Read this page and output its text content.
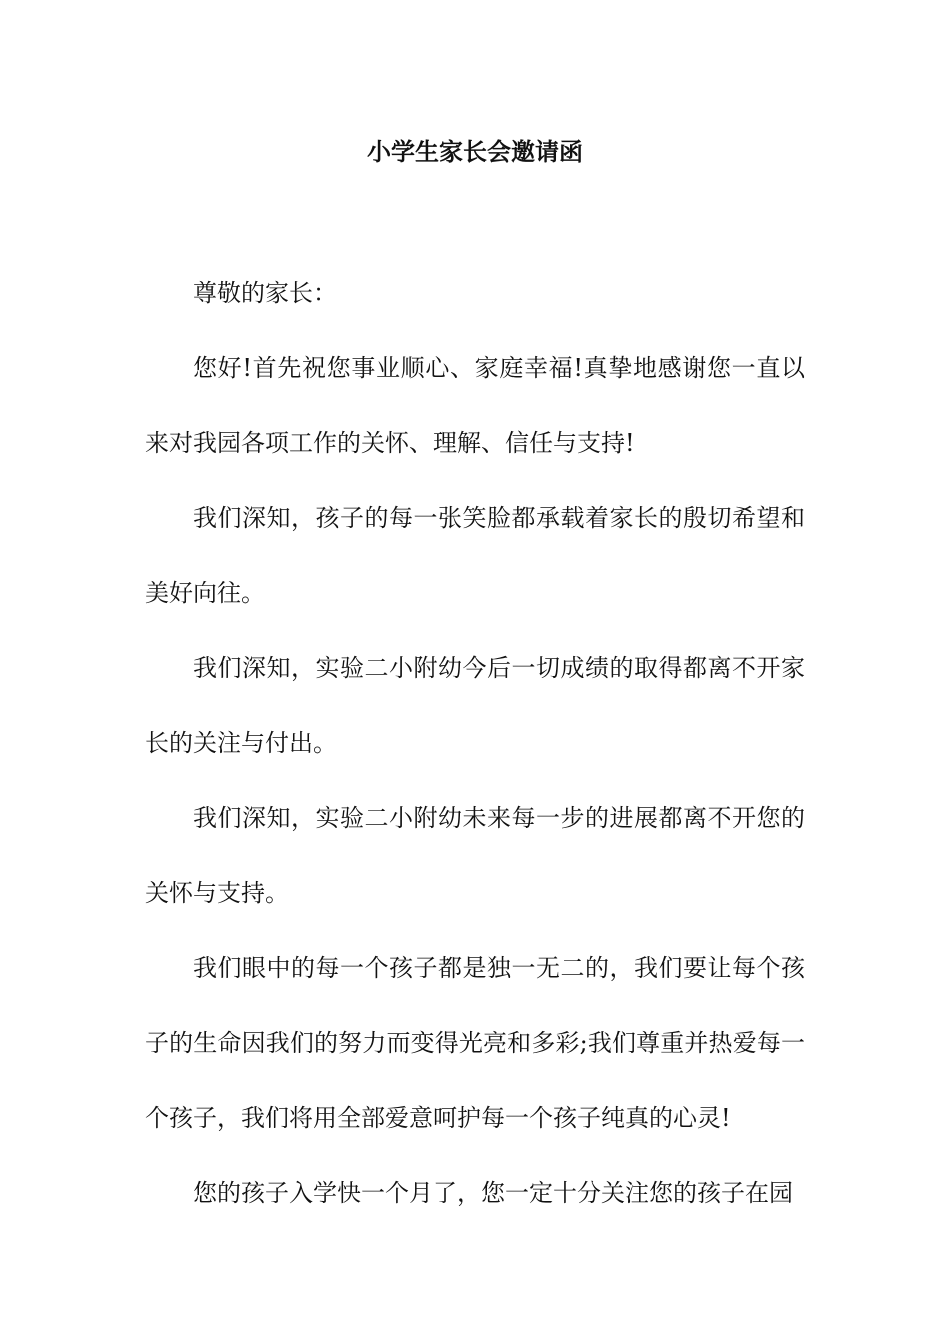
小学生家长会邀请函

尊敬的家长：

您好!首先祝您事业顺心、家庭幸福!真挚地感谢您一直以来对我园各项工作的关怀、理解、信任与支持!

我们深知，孩子的每一张笑脸都承载着家长的殷切希望和美好向往。

我们深知，实验二小附幼今后一切成绩的取得都离不开家长的关注与付出。

我们深知，实验二小附幼未来每一步的进展都离不开您的关怀与支持。

我们眼中的每一个孩子都是独一无二的，我们要让每个孩子的生命因我们的努力而变得光亮和多彩;我们尊重并热爱每一个孩子，我们将用全部爱意呵护每一个孩子纯真的心灵!

您的孩子入学快一个月了，您一定十分关注您的孩子在园
